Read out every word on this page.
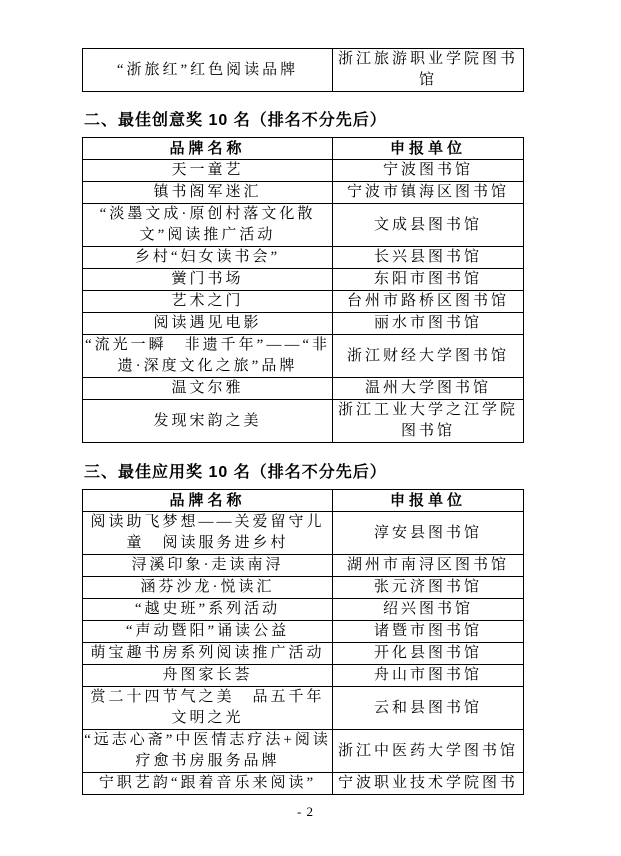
“浙旅红”红色阅读品牌	浙江旅游职业学院图书馆
二、最佳创意奖 10 名（排名不分先后）
品牌名称	申报单位
天一童艺	宁波图书馆
镇书阁军迷汇	宁波市镇海区图书馆
“淡墨文成·原创村落文化散文”阅读推广活动	文成县图书馆
乡村“妇女读书会”	长兴县图书馆
黉门书场	东阳市图书馆
艺术之门	台州市路桥区图书馆
阅读遇见电影	丽水市图书馆
“流光一瞬　非遗千年”——“非遗·深度文化之旅”品牌	浙江财经大学图书馆
温文尔雅	温州大学图书馆
发现宋韵之美	浙江工业大学之江学院图书馆
三、最佳应用奖 10 名（排名不分先后）
品牌名称	申报单位
阅读助飞梦想——关爱留守儿童　阅读服务进乡村	淳安县图书馆
浔溪印象·走读南浔	湖州市南浔区图书馆
涵芬沙龙·悦读汇	张元济图书馆
“越史班”系列活动	绍兴图书馆
“声动暨阳”诵读公益	诸暨市图书馆
萌宝趣书房系列阅读推广活动	开化县图书馆
舟图家长荟	舟山市图书馆
赏二十四节气之美　品五千年文明之光	云和县图书馆
“远志心斋”中医情志疗法+阅读疗愈书房服务品牌	浙江中医药大学图书馆
宁职艺韵“跟着音乐来阅读”	宁波职业技术学院图书
- 2
